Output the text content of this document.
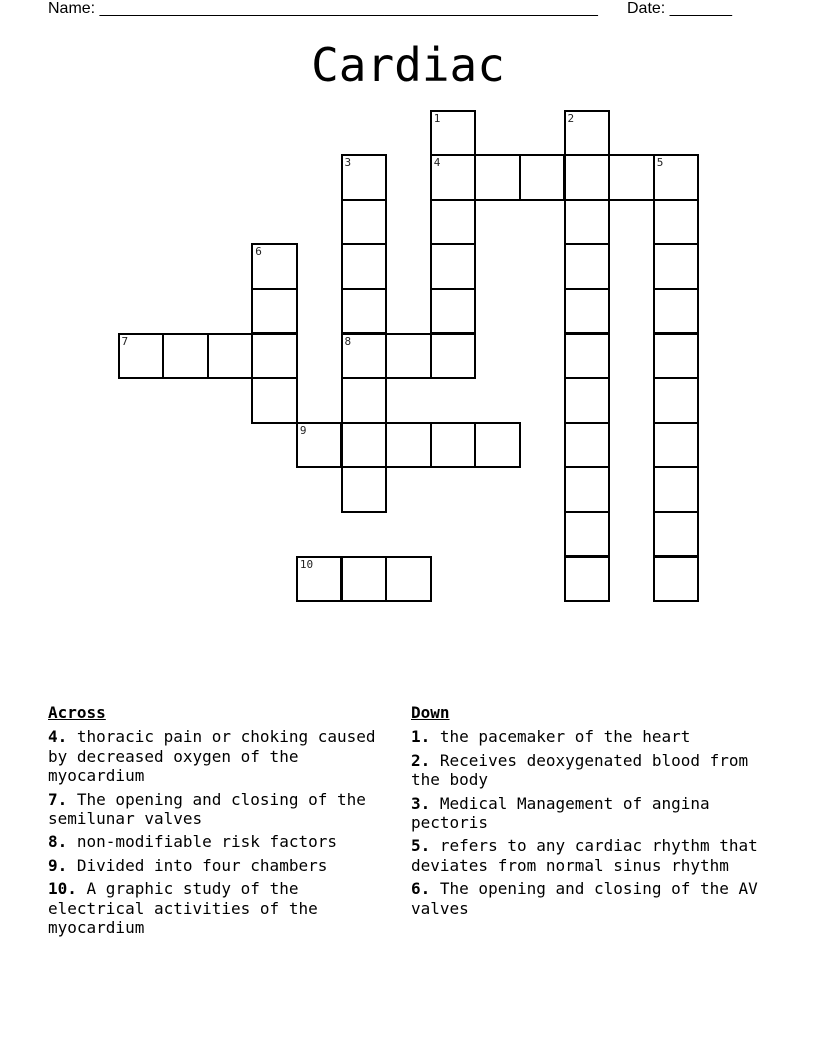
Name: ________________________________________________________ Date: _______
Cardiac
1	2
3	4	5
6
7	8
9
10
Across
4. thoracic pain or choking caused by decreased oxygen of the myocardium
7. The opening and closing of the semilunar valves
8. non-modifiable risk factors
9. Divided into four chambers
10. A graphic study of the electrical activities of the myocardium
Down
1. the pacemaker of the heart
2. Receives deoxygenated blood from the body
3. Medical Management of angina pectoris
5. refers to any cardiac rhythm that deviates from normal sinus rhythm
6. The opening and closing of the AV valves
